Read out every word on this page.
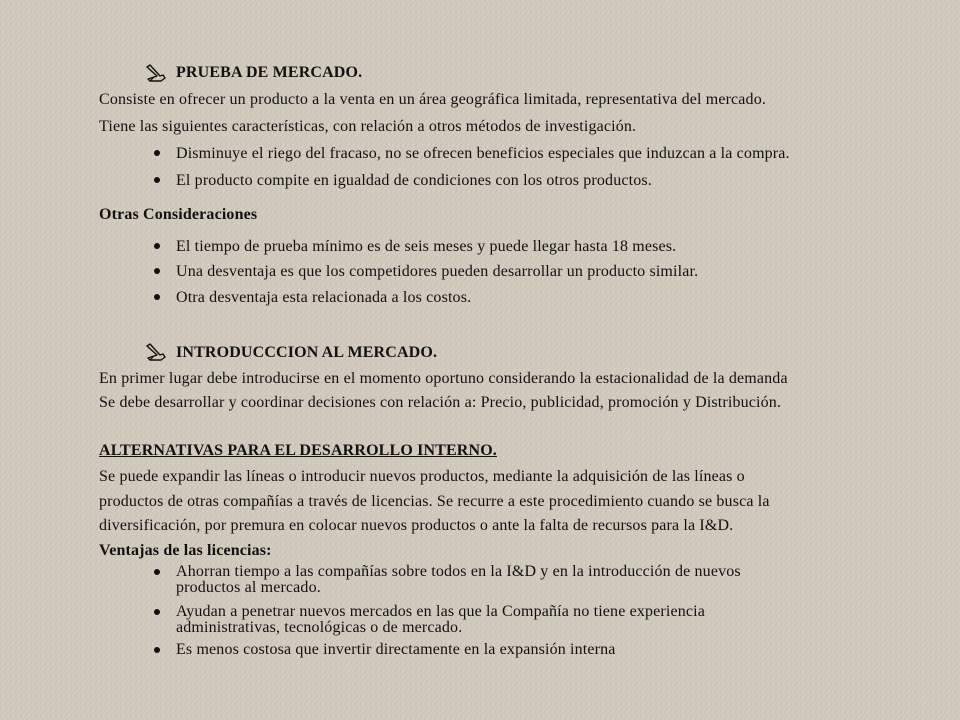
PRUEBA DE MERCADO.
Consiste en ofrecer un producto a la venta en un área geográfica limitada, representativa del mercado.
Tiene las siguientes características, con relación a otros métodos de investigación.
Disminuye el riego del fracaso, no se ofrecen beneficios especiales que induzcan a la compra.
El producto compite en igualdad de condiciones con los otros productos.
Otras Consideraciones
El tiempo de prueba mínimo es de seis meses y puede llegar hasta 18 meses.
Una desventaja es que los competidores pueden desarrollar un producto similar.
Otra desventaja esta relacionada a los costos.
INTRODUCCCION AL MERCADO.
En primer lugar debe introducirse en el momento oportuno considerando la estacionalidad de la demanda
Se debe desarrollar y coordinar decisiones con relación a: Precio, publicidad, promoción y Distribución.
ALTERNATIVAS PARA EL DESARROLLO INTERNO.
Se puede expandir las líneas o introducir nuevos productos, mediante la adquisición de las líneas o
productos de otras compañías a través de licencias. Se recurre a este procedimiento cuando se busca la
diversificación, por premura en colocar nuevos productos o ante la falta de recursos para la I&D.
Ventajas de las licencias:
Ahorran tiempo a las compañías sobre todos en la I&D y en la introducción de nuevos
productos al mercado.
Ayudan a penetrar nuevos mercados en las que la Compañía no tiene experiencia
administrativas, tecnológicas o de mercado.
Es menos costosa que invertir directamente en la expansión interna
